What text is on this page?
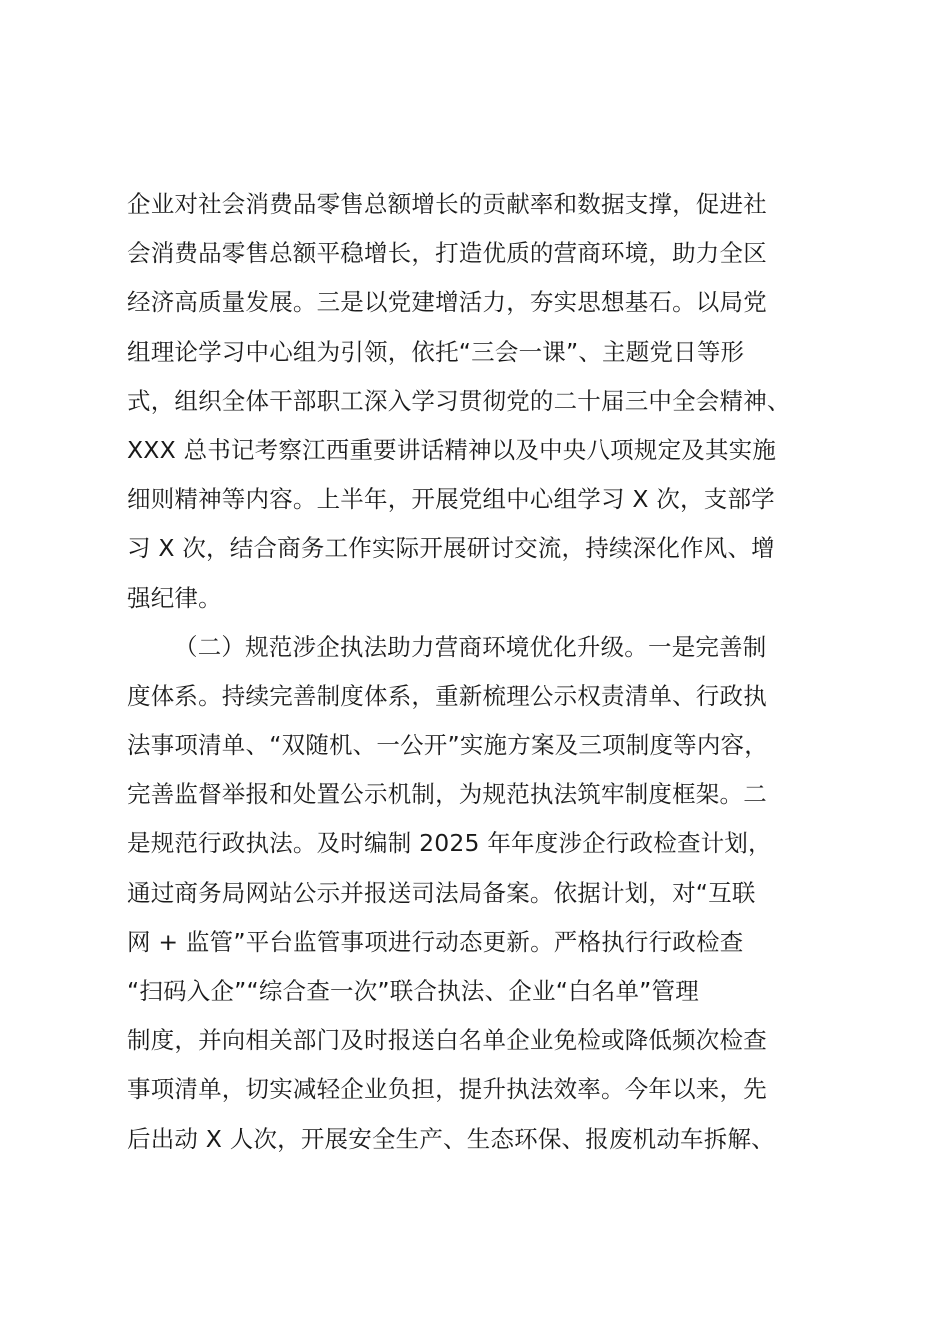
企业对社会消费品零售总额增长的贡献率和数据支撑，促进社
会消费品零售总额平稳增长，打造优质的营商环境，助力全区
经济高质量发展。三是以党建增活力，夯实思想基石。以局党
组理论学习中心组为引领，依托“三会一课”、主题党日等形
式，组织全体干部职工深入学习贯彻党的二十届三中全会精神、
XXX 总书记考察江西重要讲话精神以及中央八项规定及其实施
细则精神等内容。上半年，开展党组中心组学习 X 次，支部学
习 X 次，结合商务工作实际开展研讨交流，持续深化作风、增
强纪律。
（二）规范涉企执法助力营商环境优化升级。一是完善制
度体系。持续完善制度体系，重新梳理公示权责清单、行政执
法事项清单、“双随机、一公开”实施方案及三项制度等内容，
完善监督举报和处置公示机制，为规范执法筑牢制度框架。二
是规范行政执法。及时编制 2025 年年度涉企行政检查计划，
通过商务局网站公示并报送司法局备案。依据计划，对“互联
网 + 监管”平台监管事项进行动态更新。严格执行行政检查
“扫码入企”“综合查一次”联合执法、企业“白名单”管理
制度，并向相关部门及时报送白名单企业免检或降低频次检查
事项清单，切实减轻企业负担，提升执法效率。今年以来，先
后出动 X 人次，开展安全生产、生态环保、报废机动车拆解、
